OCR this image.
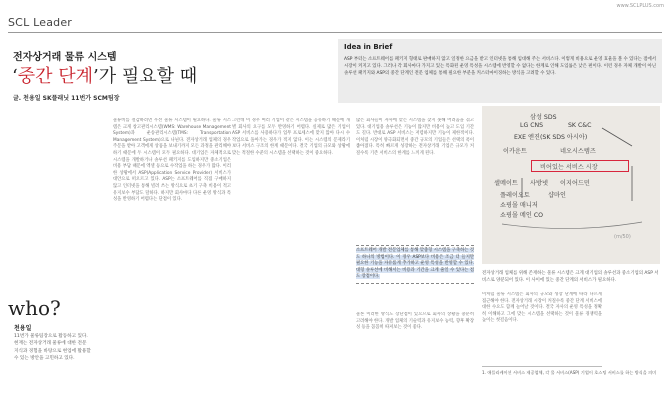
www.SCLPLUS.com
SCL Leader
전자상거래 물류 시스템
‘중간 단계’가 필요할 때
글. 천용일 SK플래닛 11번가 SCM팀장
who?
천용일
11번가 물류팀장으로 활동하고 있다. 현재는 전자상거래 물류에 대한 전문 지식과 경험을 바탕으로 현업에 활용할 수 있는 방안을 고민하고 있다.
물류비를 절감하려면 우선 물류 시스템이 필요하다. 물류 시스템은 크게 창고관리시스템(WMS: Warehouse Management System)과 운송관리시스템(TMS: Transportation Management System)으로 나뉜다. 전자상거래 업체의 경우 주문을 받아 고객에게 상품을 보내기까지 모든 과정을 관리해야 하기 때문에 두 시스템이 모두 필요하다. 대기업은 자체적으로 시스템을 개발하거나 솔루션 패키지를 도입하지만 중소기업은 비용 부담 때문에 엑셀 등으로 수작업을 하는 경우가 많다. 이러한 상황에서 ASP(Application Service Provider) 서비스가 대안으로 떠오르고 있다. ASP는 소프트웨어를 직접 구매하지 않고 인터넷을 통해 빌려 쓰는 방식으로 초기 구축 비용이 적고 유지보수 부담도 덜하다. 하지만 회사마다 다른 운영 방식과 특성을 반영하기 어렵다는 단점이 있다.
그런데 이 경우 여러 기업이 같은 시스템을 공유하기 때문에 개별 회사의 요구를 모두 반영하기 어렵다. 실제로 많은 기업이 ASP 서비스를 사용하다가 업무 프로세스에 맞지 않아 다시 수작업으로 돌아가는 경우가 적지 않다. 이는 시스템의 문제라기보다 서비스 구조의 한계 때문이다. 결국 기업의 규모와 상황에 맞는 적절한 수준의 시스템을 선택하는 것이 중요하다.
많은 회사들이 자사에 맞는 시스템을 찾지 못해 어려움을 겪고 있다. 대기업용 솔루션은 기능이 많지만 비용이 높고 도입 기간도 길다. 반대로 ASP 서비스는 저렴하지만 기능이 제한적이다. 이처럼 시장이 양극화되면서 중간 규모의 기업들은 선택의 폭이 좁아졌다. 특히 빠르게 성장하는 전자상거래 기업은 규모가 커질수록 기존 서비스의 한계를 느끼게 된다.
소프트웨어 개발 전문업체를 통해 맞춤형 시스템을 구축하는 것도 하나의 방법이다. 이 경우 ASP보다 비용은 조금 더 들지만 필요한 기능을 자유롭게 추가하고 운영 특성을 반영할 수 있다. 대형 솔루션에 비해서는 비용과 기간을 크게 줄일 수 있다는 점도 장점이다.
물론 이러한 방식도 장단점이 있으므로 회사의 상황을 충분히 고려해야 한다. 개발 업체의 기술력과 유지보수 능력, 향후 확장성 등을 꼼꼼히 따져보는 것이 좋다.
Idea in Brief
ASP 부터는 소프트웨어를 패키지 형태로 판매하지 않고 일정한 요금을 받고 인터넷을 통해 임대해 주는 서비스다. 이렇게 비용으로 운영 효율을 볼 수 있다는 점에서 시장이 커지고 있다. 그러나 각 회사마다 가지고 있는 특화된 운영 특성을 시스템에 반영할 수 없다는 한계로 인해 도입률은 낮은 편이다. 이런 경우 자체 개발이 아닌 솔루션 패키지와 ASP의 중간 단계인 전문 업체를 통해 필요한 부분을 커스터마이징하는 방식을 고려할 수 있다.
(m/50)
삼성 SDS
LG CNS	SK C&C
EXE 엔진(SK SDS 아시아)
이카운트	네오시스템즈
비어있는 서비스 시장
셀메이트 사방넷 이지어드민
플레이오토	샵마인
쇼핑몰 매니저
쇼핑몰 메인 CO
전자상거래 업체를 위해 존재하는 물류 시스템은 크게 대기업의 솔루션과 중소기업의 ASP 서비스로 양분되어 있다. 이 사이에 있는 중간 단계의 서비스가 필요하다.
이처럼 물류 시스템은 회사의 규모와 성장 단계에 따라 다르게 접근해야 한다. 전자상거래 시장이 커질수록 중간 단계 서비스에 대한 수요도 함께 늘어날 것이다. 결국 자사의 운영 특성을 정확히 이해하고 그에 맞는 시스템을 선택하는 것이 물류 경쟁력을 높이는 첫걸음이다.
1. 애플리케이션 서비스 제공업체, 각 물 서비스(ASP) 기업이 호스팅 서비스를 하는 방식을 의미
